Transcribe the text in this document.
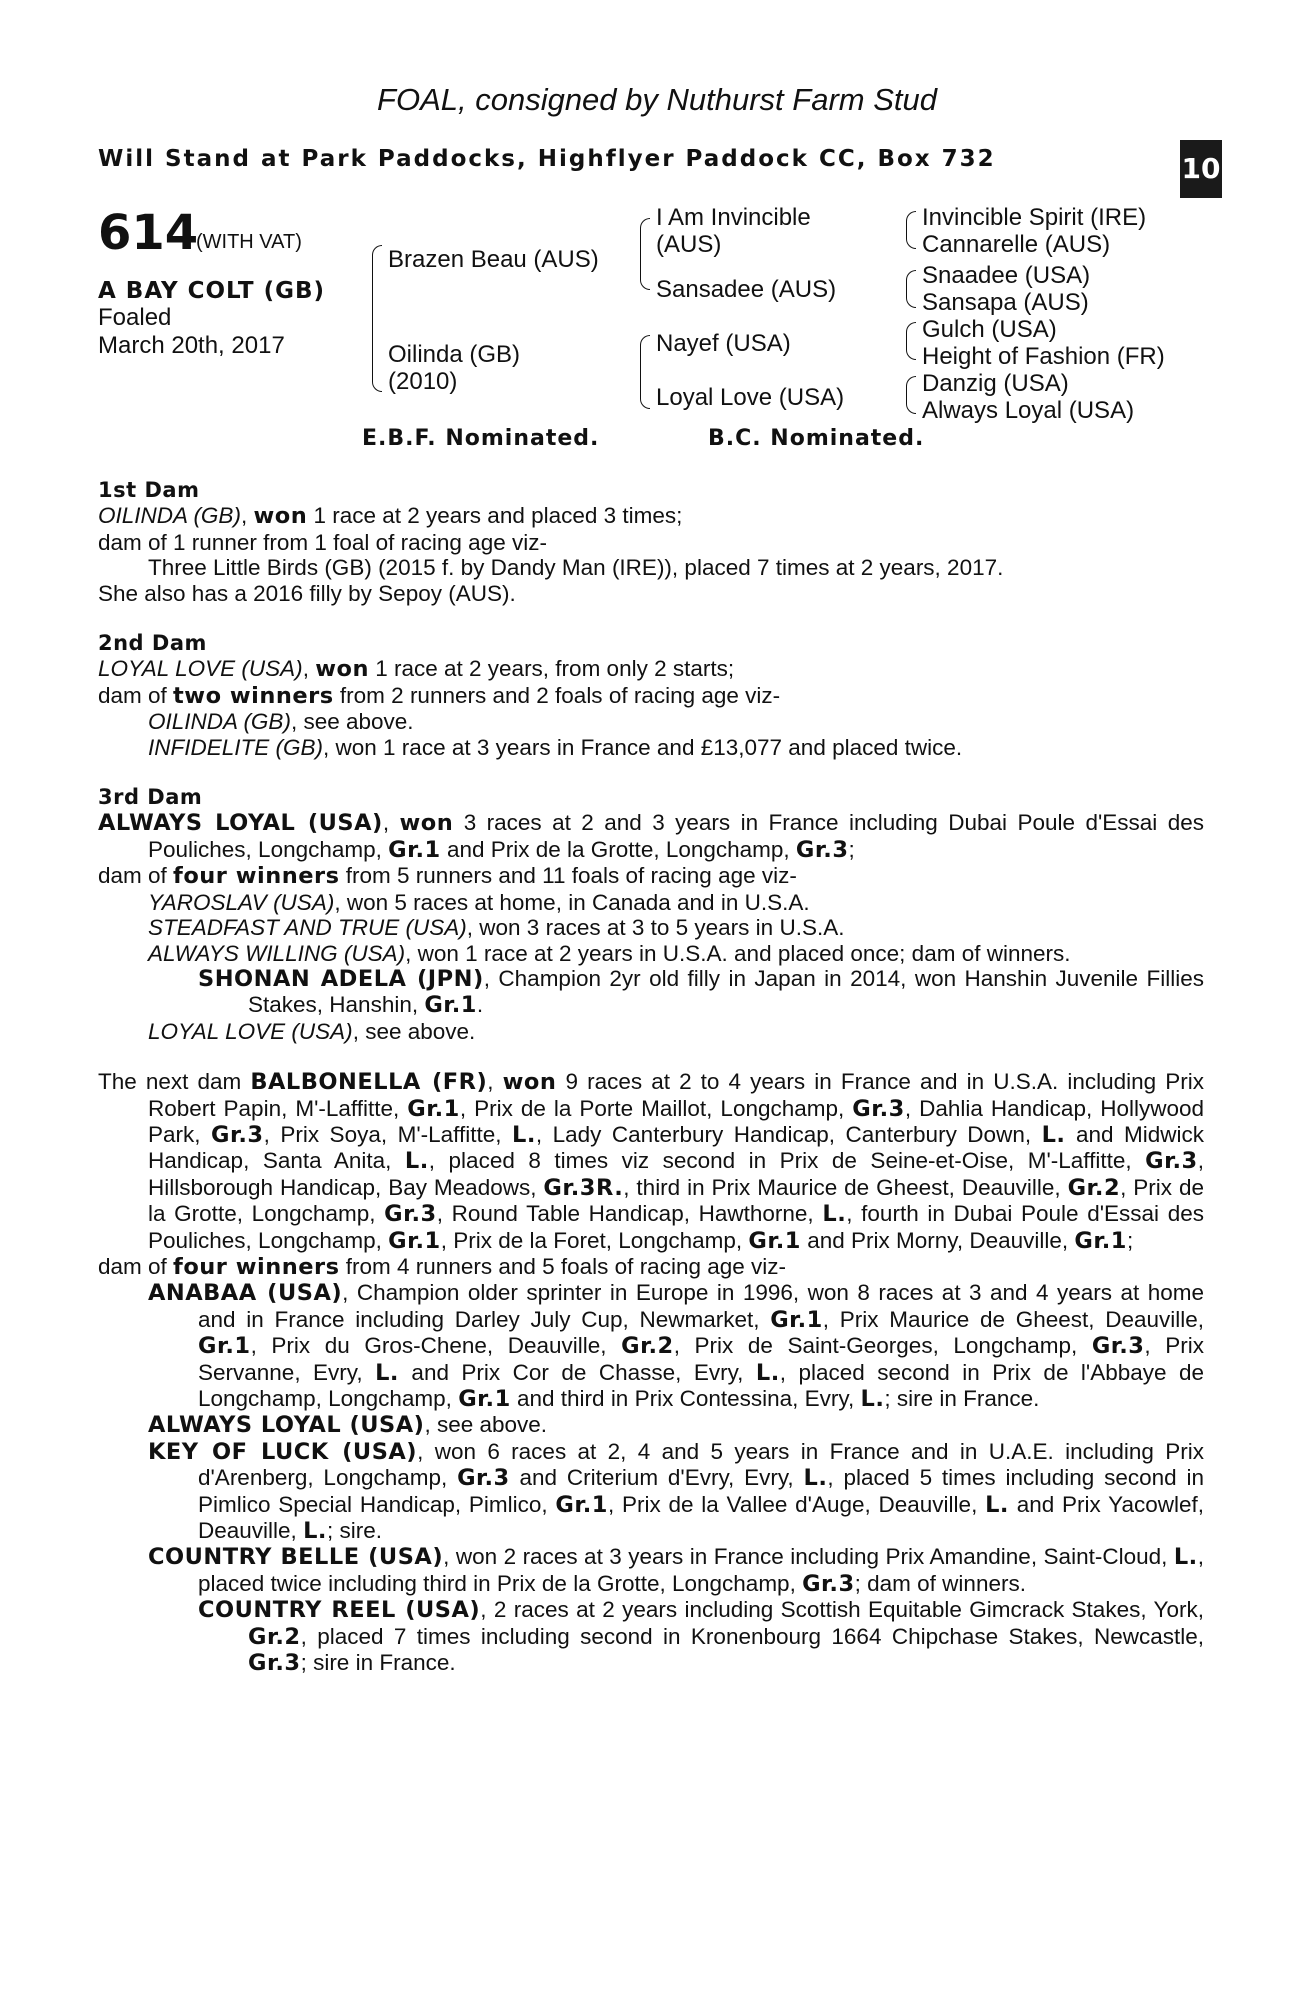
FOAL, consigned by Nuthurst Farm Stud
Will Stand at Park Paddocks, Highflyer Paddock CC, Box 732
+
10
614
(WITH VAT)
A BAY COLT (GB)
Foaled
March 20th, 2017
Brazen Beau (AUS)
Oilinda (GB)
(2010)
I Am Invincible
(AUS)
Sansadee (AUS)
Nayef (USA)
Loyal Love (USA)
Invincible Spirit (IRE)
Cannarelle (AUS)
Snaadee (USA)
Sansapa (AUS)
Gulch (USA)
Height of Fashion (FR)
Danzig (USA)
Always Loyal (USA)
E.B.F. Nominated.	B.C. Nominated.
1st Dam

OILINDA (GB), won 1 race at 2 years and placed 3 times;

dam of 1 runner from 1 foal of racing age viz-

Three Little Birds (GB) (2015 f. by Dandy Man (IRE)), placed 7 times at 2 years, 2017.

She also has a 2016 filly by Sepoy (AUS).

2nd Dam

LOYAL LOVE (USA), won 1 race at 2 years, from only 2 starts;

dam of two winners from 2 runners and 2 foals of racing age viz-

OILINDA (GB), see above.

INFIDELITE (GB), won 1 race at 3 years in France and £13,077 and placed twice.

3rd Dam

ALWAYS LOYAL (USA), won 3 races at 2 and 3 years in France including Dubai Poule d'Essai des Pouliches, Longchamp, Gr.1 and Prix de la Grotte, Longchamp, Gr.3;

dam of four winners from 5 runners and 11 foals of racing age viz-

YAROSLAV (USA), won 5 races at home, in Canada and in U.S.A.

STEADFAST AND TRUE (USA), won 3 races at 3 to 5 years in U.S.A.

ALWAYS WILLING (USA), won 1 race at 2 years in U.S.A. and placed once; dam of winners.

SHONAN ADELA (JPN), Champion 2yr old filly in Japan in 2014, won Hanshin Juvenile Fillies Stakes, Hanshin, Gr.1.

LOYAL LOVE (USA), see above.

The next dam BALBONELLA (FR), won 9 races at 2 to 4 years in France and in U.S.A. including Prix Robert Papin, M'-Laffitte, Gr.1, Prix de la Porte Maillot, Longchamp, Gr.3, Dahlia Handicap, Hollywood Park, Gr.3, Prix Soya, M'-Laffitte, L., Lady Canterbury Handicap, Canterbury Down, L. and Midwick Handicap, Santa Anita, L., placed 8 times viz second in Prix de Seine-et-Oise, M'-Laffitte, Gr.3, Hillsborough Handicap, Bay Meadows, Gr.3R., third in Prix Maurice de Gheest, Deauville, Gr.2, Prix de la Grotte, Longchamp, Gr.3, Round Table Handicap, Hawthorne, L., fourth in Dubai Poule d'Essai des Pouliches, Longchamp, Gr.1, Prix de la Foret, Longchamp, Gr.1 and Prix Morny, Deauville, Gr.1;

dam of four winners from 4 runners and 5 foals of racing age viz-

ANABAA (USA), Champion older sprinter in Europe in 1996, won 8 races at 3 and 4 years at home and in France including Darley July Cup, Newmarket, Gr.1, Prix Maurice de Gheest, Deauville, Gr.1, Prix du Gros-Chene, Deauville, Gr.2, Prix de Saint-Georges, Longchamp, Gr.3, Prix Servanne, Evry, L. and Prix Cor de Chasse, Evry, L., placed second in Prix de l'Abbaye de Longchamp, Longchamp, Gr.1 and third in Prix Contessina, Evry, L.; sire in France.

ALWAYS LOYAL (USA), see above.

KEY OF LUCK (USA), won 6 races at 2, 4 and 5 years in France and in U.A.E. including Prix d'Arenberg, Longchamp, Gr.3 and Criterium d'Evry, Evry, L., placed 5 times including second in Pimlico Special Handicap, Pimlico, Gr.1, Prix de la Vallee d'Auge, Deauville, L. and Prix Yacowlef, Deauville, L.; sire.

COUNTRY BELLE (USA), won 2 races at 3 years in France including Prix Amandine, Saint-Cloud, L., placed twice including third in Prix de la Grotte, Longchamp, Gr.3; dam of winners.

COUNTRY REEL (USA), 2 races at 2 years including Scottish Equitable Gimcrack Stakes, York, Gr.2, placed 7 times including second in Kronenbourg 1664 Chipchase Stakes, Newcastle, Gr.3; sire in France.
